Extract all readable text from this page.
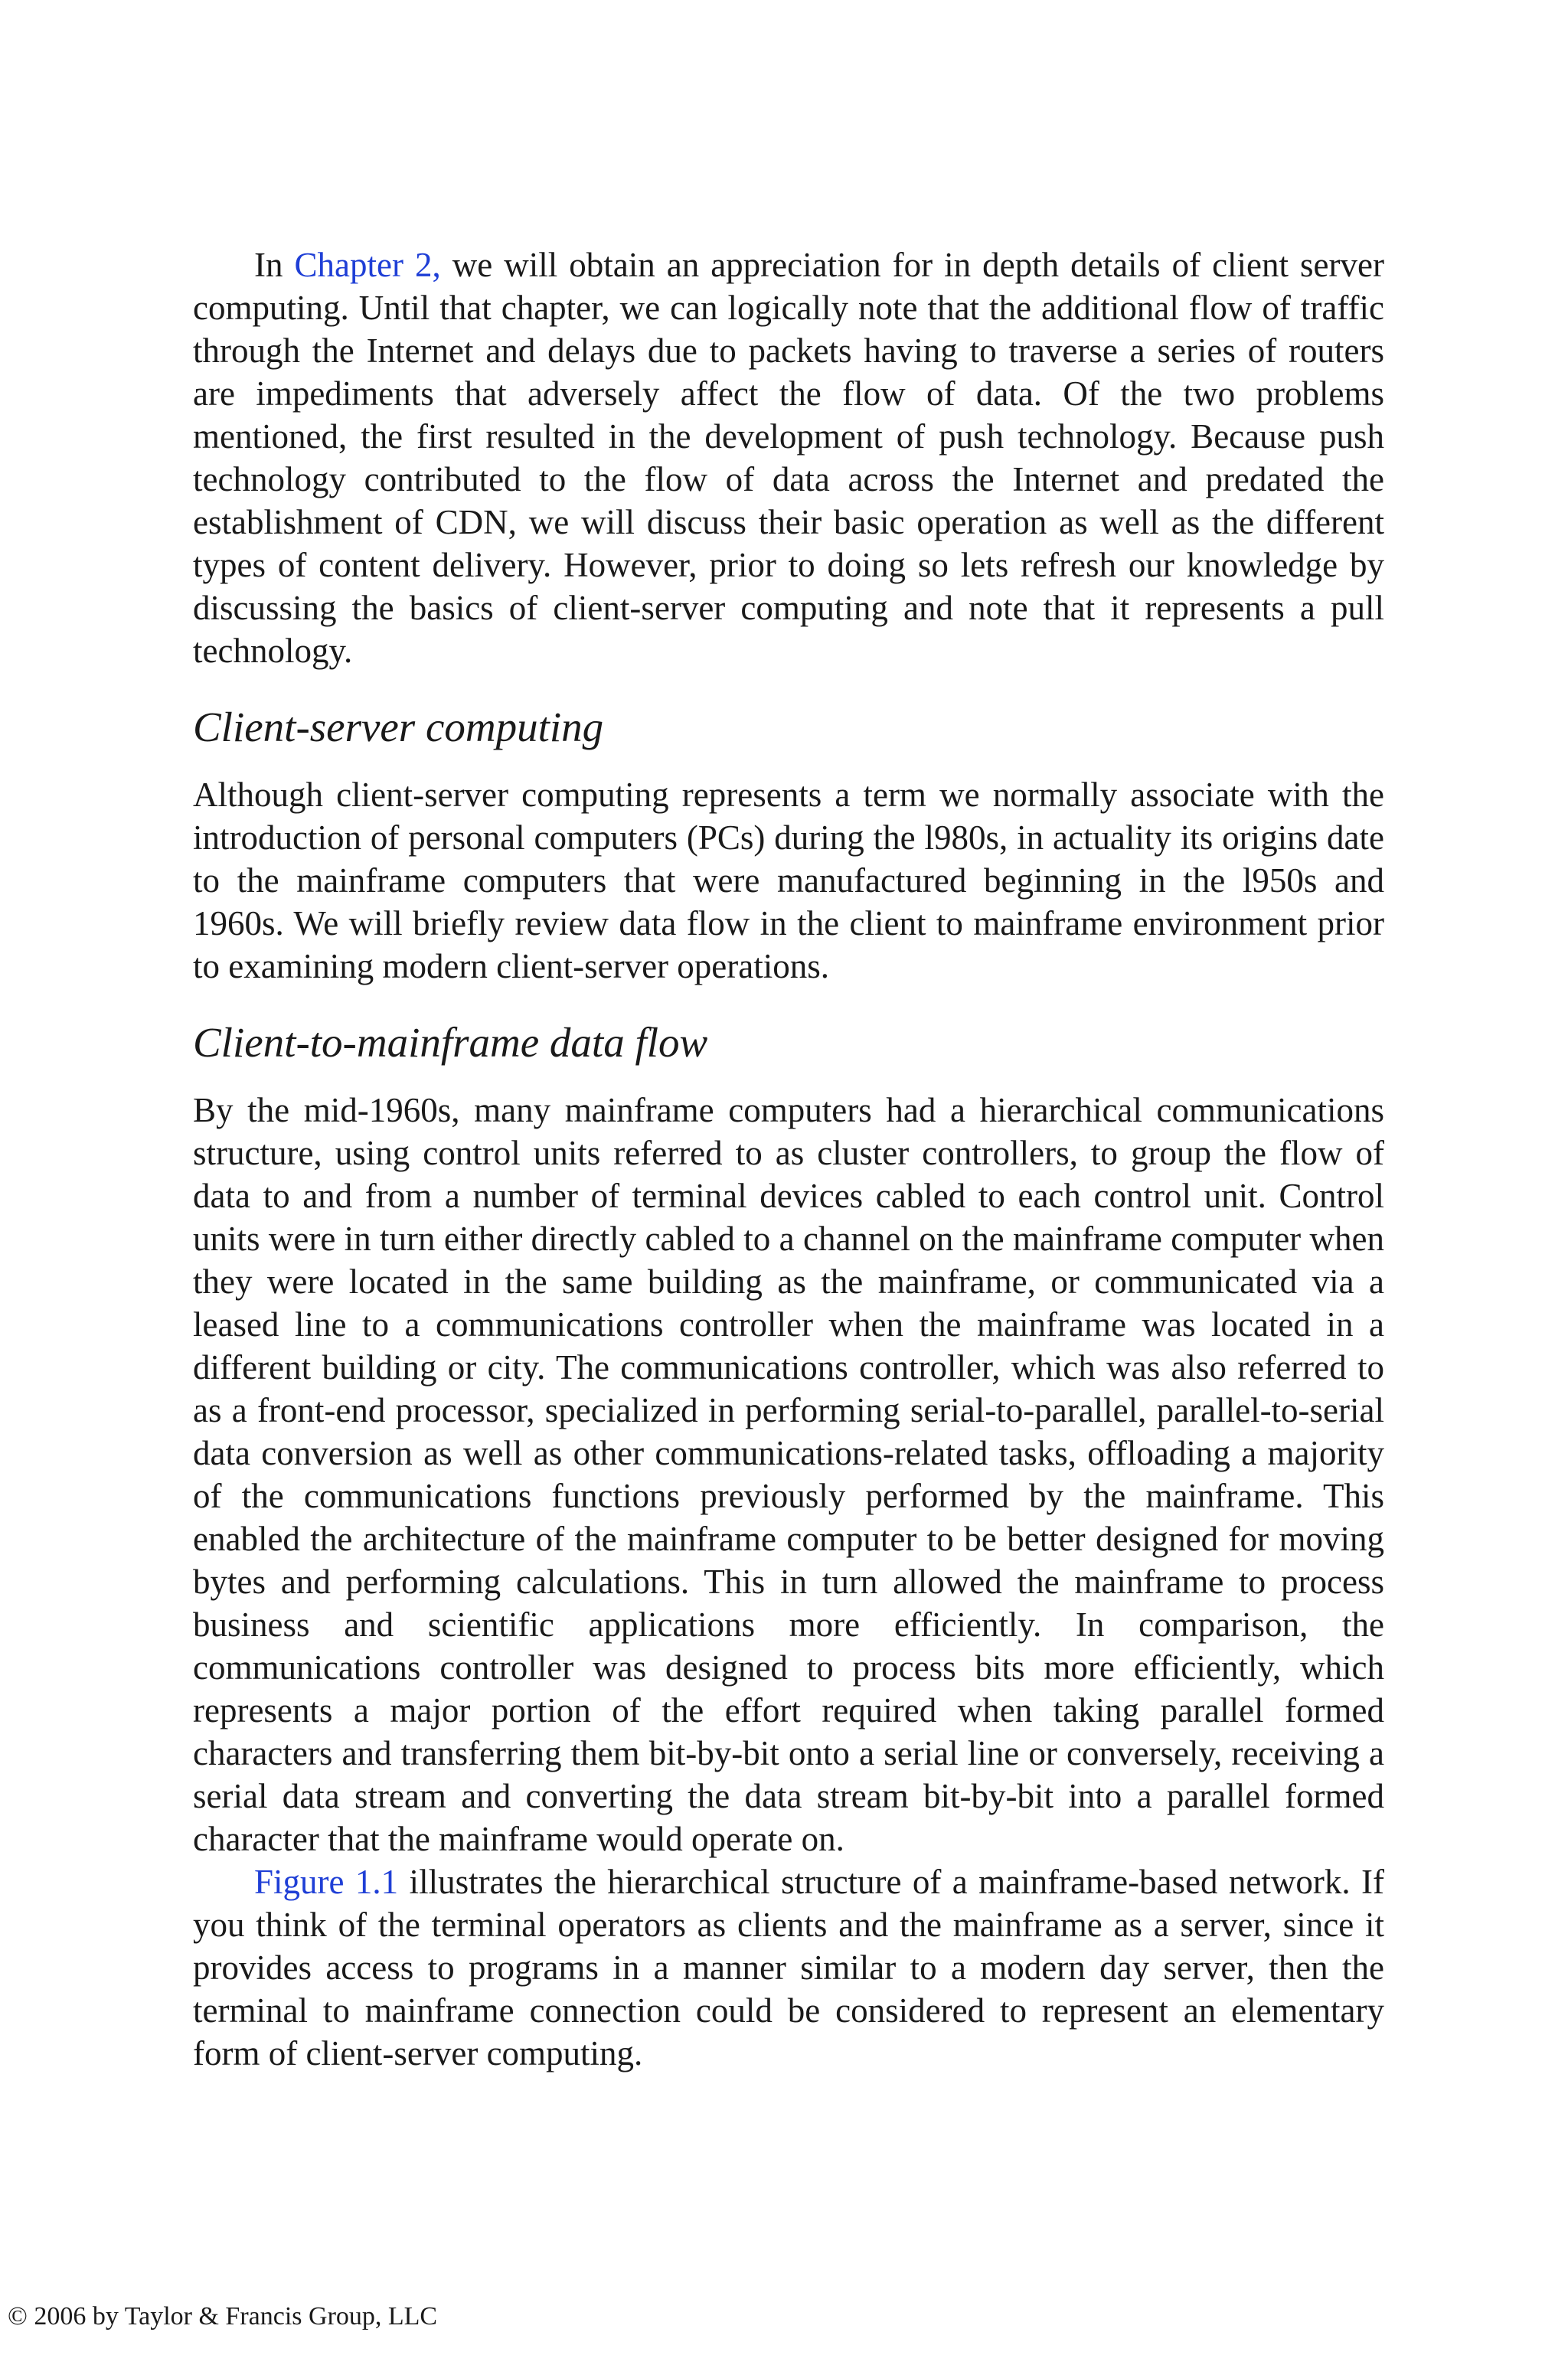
In Chapter 2, we will obtain an appreciation for in depth details of client server computing. Until that chapter, we can logically note that the additional flow of traffic through the Internet and delays due to packets having to traverse a series of routers are impediments that adversely affect the flow of data. Of the two problems mentioned, the first resulted in the development of push technology. Because push technology contributed to the flow of data across the Internet and predated the establishment of CDN, we will discuss their basic operation as well as the different types of content delivery. However, prior to doing so lets refresh our knowledge by discussing the basics of client-server computing and note that it represents a pull technology.

Client-server computing

Although client-server computing represents a term we normally associate with the introduction of personal computers (PCs) during the l980s, in actuality its origins date to the mainframe computers that were manufactured beginning in the l950s and 1960s. We will briefly review data flow in the client to mainframe environment prior to examining modern client-server operations.

Client-to-mainframe data flow

By the mid-1960s, many mainframe computers had a hierarchical communications structure, using control units referred to as cluster controllers, to group the flow of data to and from a number of terminal devices cabled to each control unit. Control units were in turn either directly cabled to a channel on the mainframe computer when they were located in the same building as the mainframe, or communicated via a leased line to a communications controller when the mainframe was located in a different building or city. The communications controller, which was also referred to as a front-end processor, specialized in performing serial-to-parallel, parallel-to-serial data conversion as well as other communications-related tasks, offloading a majority of the communications functions previously performed by the mainframe. This enabled the architecture of the mainframe computer to be better designed for moving bytes and performing calculations. This in turn allowed the mainframe to process business and scientific applications more efficiently. In comparison, the communications controller was designed to process bits more efficiently, which represents a major portion of the effort required when taking parallel formed characters and transferring them bit-by-bit onto a serial line or conversely, receiving a serial data stream and converting the data stream bit-by-bit into a parallel formed character that the mainframe would operate on.

Figure 1.1 illustrates the hierarchical structure of a mainframe-based network. If you think of the terminal operators as clients and the mainframe as a server, since it provides access to programs in a manner similar to a modern day server, then the terminal to mainframe connection could be considered to represent an elementary form of client-server computing.

© 2006 by Taylor & Francis Group, LLC
